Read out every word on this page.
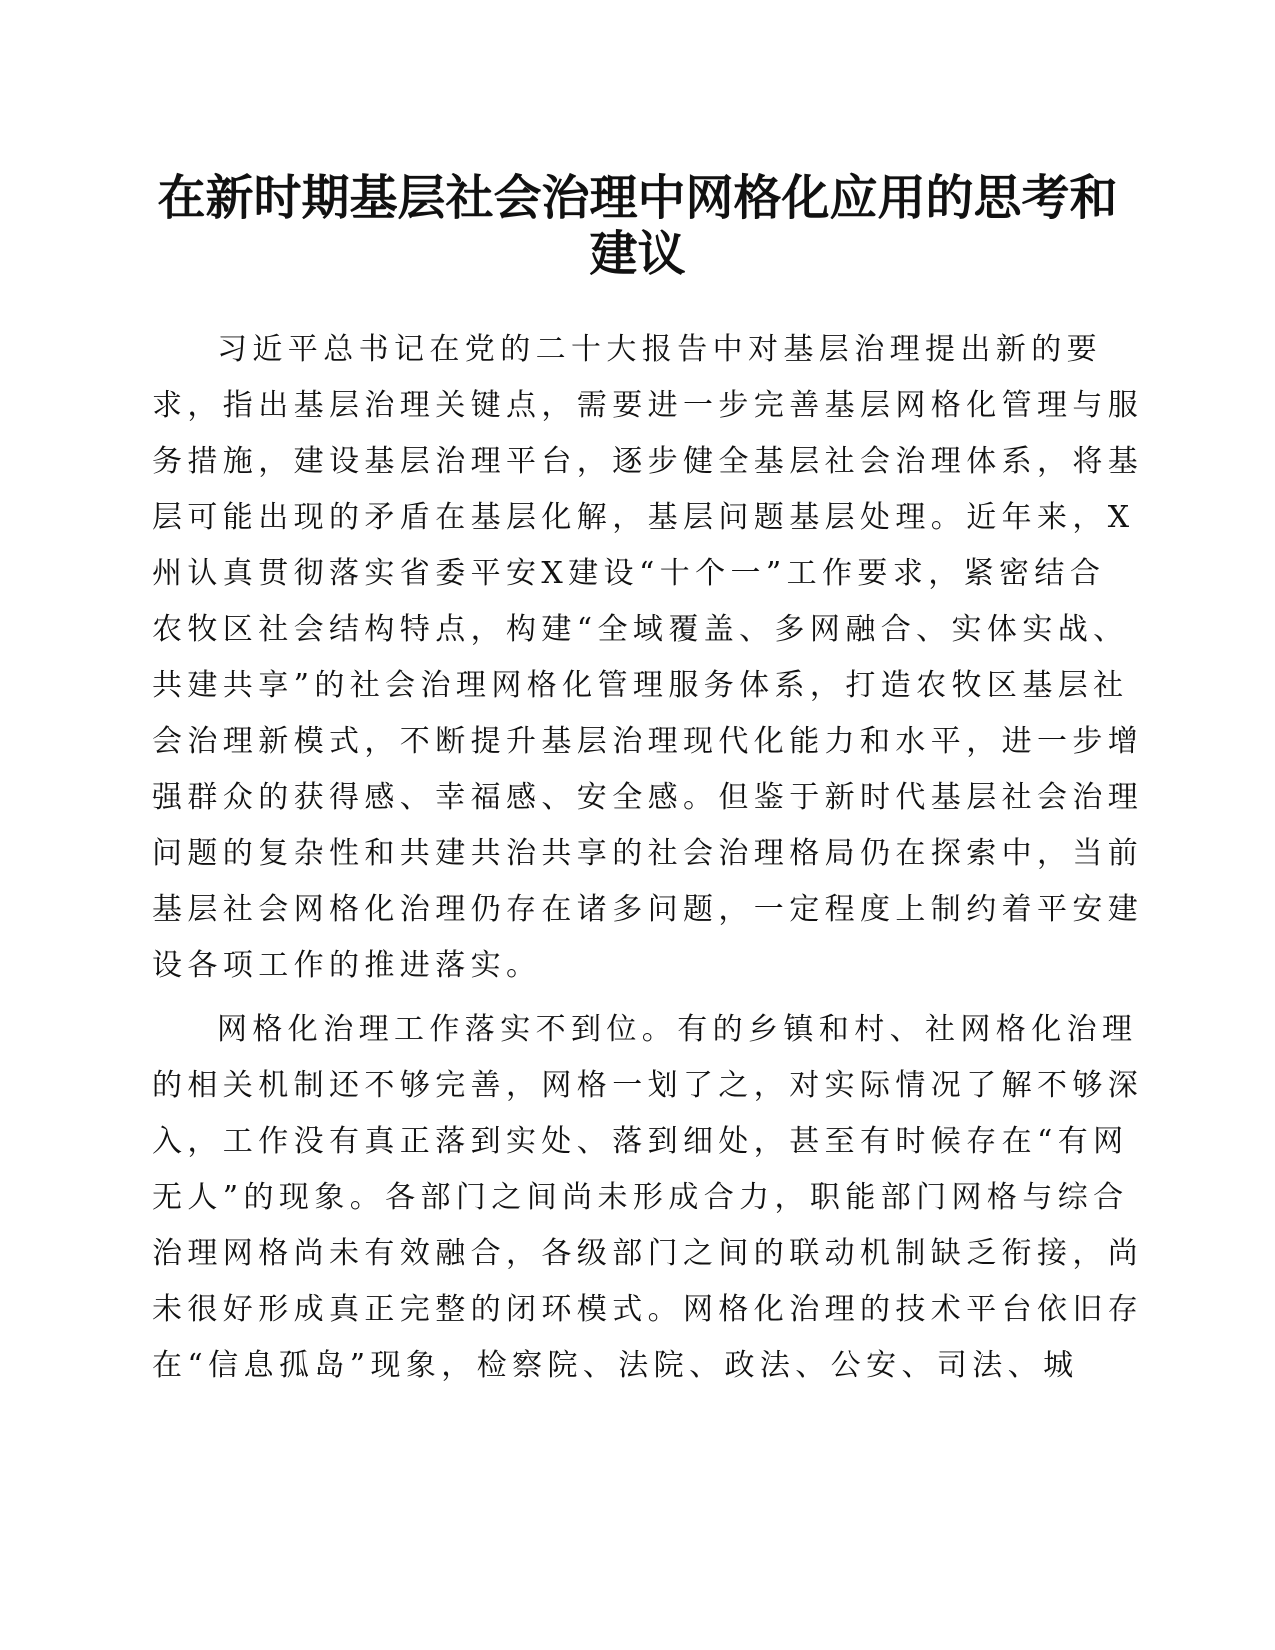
在新时期基层社会治理中网格化应用的思考和
建议

习近平总书记在党的二十大报告中对基层治理提出新的要
求，指出基层治理关键点，需要进一步完善基层网格化管理与服
务措施，建设基层治理平台，逐步健全基层社会治理体系，将基
层可能出现的矛盾在基层化解，基层问题基层处理。近年来，X
州认真贯彻落实省委平安X建设“十个一”工作要求，紧密结合
农牧区社会结构特点，构建“全域覆盖、多网融合、实体实战、
共建共享”的社会治理网格化管理服务体系，打造农牧区基层社
会治理新模式，不断提升基层治理现代化能力和水平，进一步增
强群众的获得感、幸福感、安全感。但鉴于新时代基层社会治理
问题的复杂性和共建共治共享的社会治理格局仍在探索中，当前
基层社会网格化治理仍存在诸多问题，一定程度上制约着平安建
设各项工作的推进落实。

网格化治理工作落实不到位。有的乡镇和村、社网格化治理
的相关机制还不够完善，网格一划了之，对实际情况了解不够深
入，工作没有真正落到实处、落到细处，甚至有时候存在“有网
无人”的现象。各部门之间尚未形成合力，职能部门网格与综合
治理网格尚未有效融合，各级部门之间的联动机制缺乏衔接，尚
未很好形成真正完整的闭环模式。网格化治理的技术平台依旧存
在“信息孤岛”现象，检察院、法院、政法、公安、司法、城
